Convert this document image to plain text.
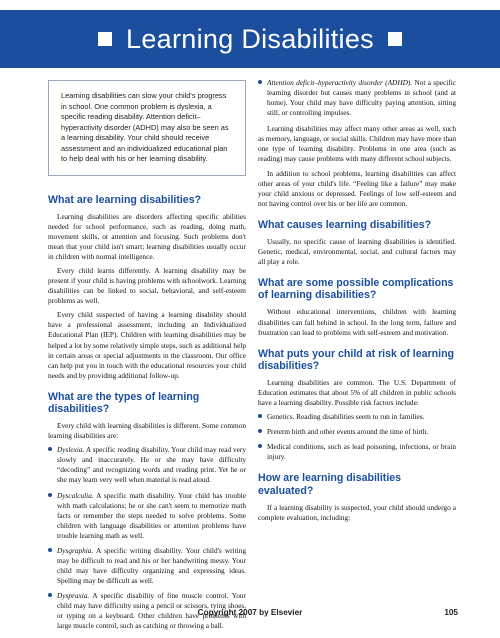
Learning Disabilities
Learning disabilities can slow your child's progress in school. One common problem is dyslexia, a specific reading disability. Attention deficit–hyperactivity disorder (ADHD) may also be seen as a learning disability. Your child should receive assessment and an individualized educational plan to help deal with his or her learning disability.
What are learning disabilities?

Learning disabilities are disorders affecting specific abilities needed for school performance, such as reading, doing math, movement skills, or attention and focusing. Such problems don't mean that your child isn't smart; learning disabilities usually occur in children with normal intelligence.

Every child learns differently. A learning disability may be present if your child is having problems with schoolwork. Learning disabilities can be linked to social, behavioral, and self-esteem problems as well.

Every child suspected of having a learning disability should have a professional assessment, including an Individualized Educational Plan (IEP). Children with learning disabilities may be helped a lot by some relatively simple steps, such as additional help in certain areas or special adjustments in the classroom. Our office can help put you in touch with the educational resources your child needs and by providing additional follow-up.

What are the types of learning disabilities?

Every child with learning disabilities is different. Some common learning disabilities are:

Dyslexia. A specific reading disability. Your child may read very slowly and inaccurately. He or she may have difficulty “decoding” and recognizing words and reading print. Yet he or she may learn very well when material is read aloud.
Dyscalculia. A specific math disability. Your child has trouble with math calculations; he or she can't seem to memorize math facts or remember the steps needed to solve problems. Some children with language disabilities or attention problems have trouble learning math as well.
Dysgraphia. A specific writing disability. Your child's writing may be difficult to read and his or her handwriting messy. Your child may have difficulty organizing and expressing ideas. Spelling may be difficult as well.
Dyspraxia. A specific disability of fine muscle control. Your child may have difficulty using a pencil or scissors, tying shoes, or typing on a keyboard. Other children have problems with large muscle control, such as catching or throwing a ball.
Attention deficit–hyperactivity disorder (ADHD). Not a specific learning disorder but causes many problems in school (and at home). Your child may have difficulty paying attention, sitting still, or controlling impulses.

Learning disabilities may affect many other areas as well, such as memory, language, or social skills. Children may have more than one type of learning disability. Problems in one area (such as reading) may cause problems with many different school subjects.

In addition to school problems, learning disabilities can affect other areas of your child's life. “Feeling like a failure” may make your child anxious or depressed. Feelings of low self-esteem and not having control over his or her life are common.

What causes learning disabilities?

Usually, no specific cause of learning disabilities is identified. Genetic, medical, environmental, social, and cultural factors may all play a role.

What are some possible complications of learning disabilities?

Without educational interventions, children with learning disabilities can fall behind in school. In the long term, failure and frustration can lead to problems with self-esteem and motivation.

What puts your child at risk of learning disabilities?

Learning disabilities are common. The U.S. Department of Education estimates that about 5% of all children in public schools have a learning disability. Possible risk factors include:

Genetics. Reading disabilities seem to run in families.
Preterm birth and other events around the time of birth.
Medical conditions, such as lead poisoning, infections, or brain injury.
How are learning disabilities evaluated?

If a learning disability is suspected, your child should undergo a complete evaluation, including:

Copyright 2007 by Elsevier	105
